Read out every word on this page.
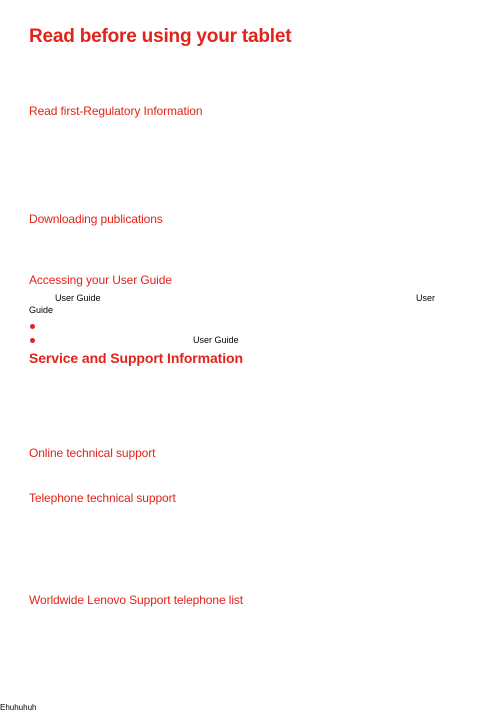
Read before using your tablet
Read first-Regulatory Information
Downloading publications
Accessing your User Guide
User Guide	User
Guide
User Guide
Service and Support Information
Online technical support
Telephone technical support
Worldwide Lenovo Support telephone list
Ehuhuhuh
